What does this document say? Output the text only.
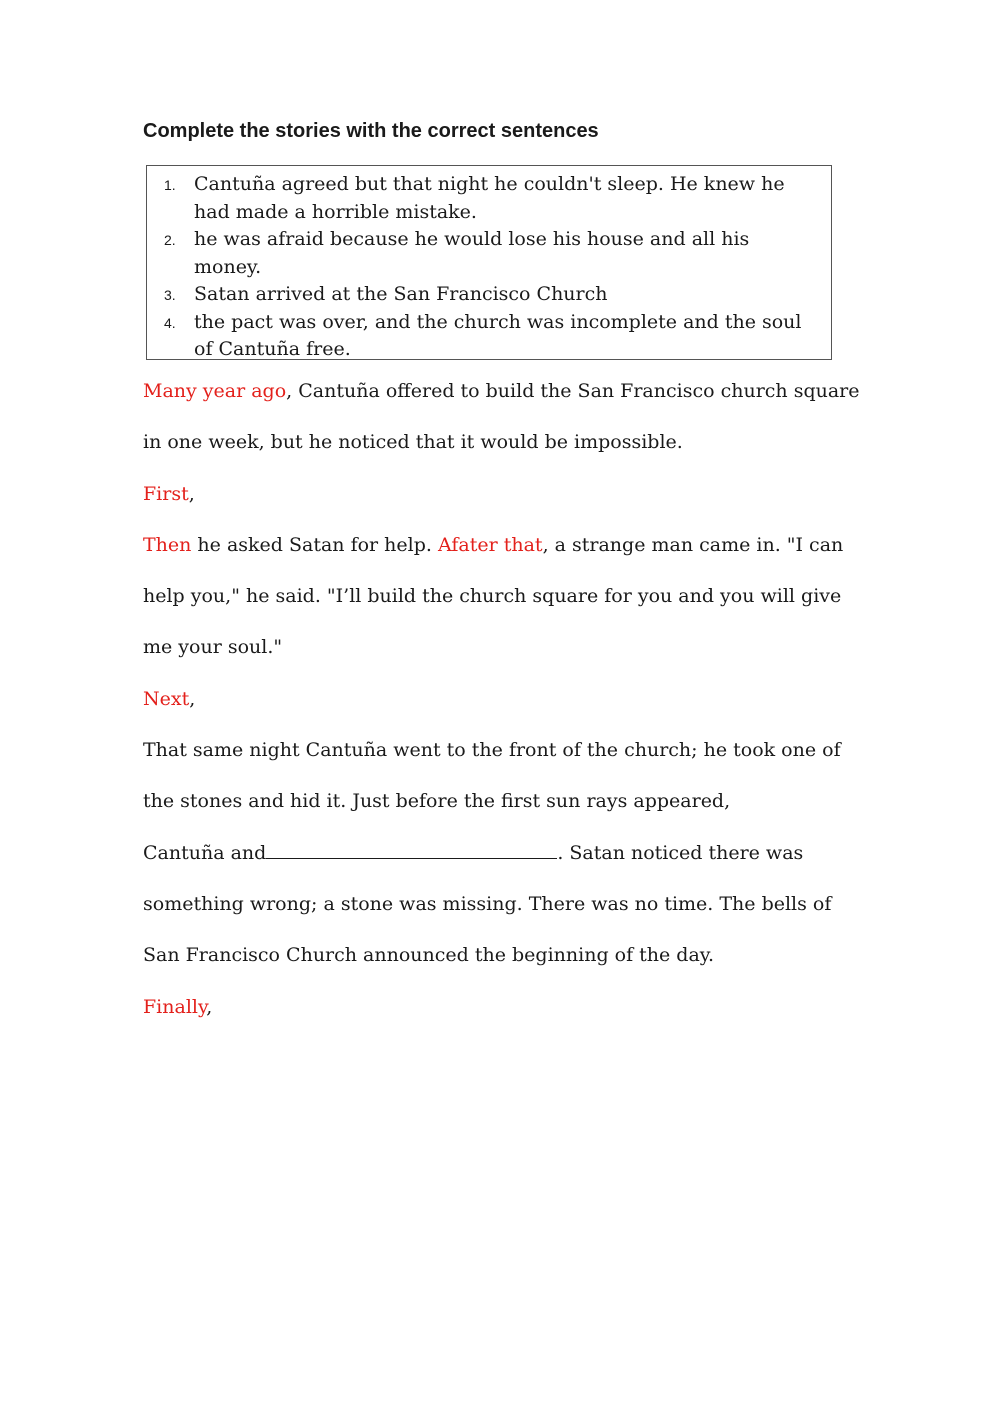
Complete the stories with the correct sentences
1. Cantuña agreed but that night he couldn't sleep. He knew he had made a horrible mistake.
2. he was afraid because he would lose his house and all his money.
3. Satan arrived at the San Francisco Church
4. the pact was over, and the church was incomplete and the soul of Cantuña free.

Many year ago, Cantuña offered to build the San Francisco church square in one week, but he noticed that it would be impossible.

First,

Then he asked Satan for help. Afater that, a strange man came in. "I can help you," he said. "I’ll build the church square for you and you will give me your soul."

Next,

That same night Cantuña went to the front of the church; he took one of the stones and hid it. Just before the first sun rays appeared,

Cantuña and	. Satan noticed there was something wrong; a stone was missing. There was no time. The bells of San Francisco Church announced the beginning of the day.

Finally,
